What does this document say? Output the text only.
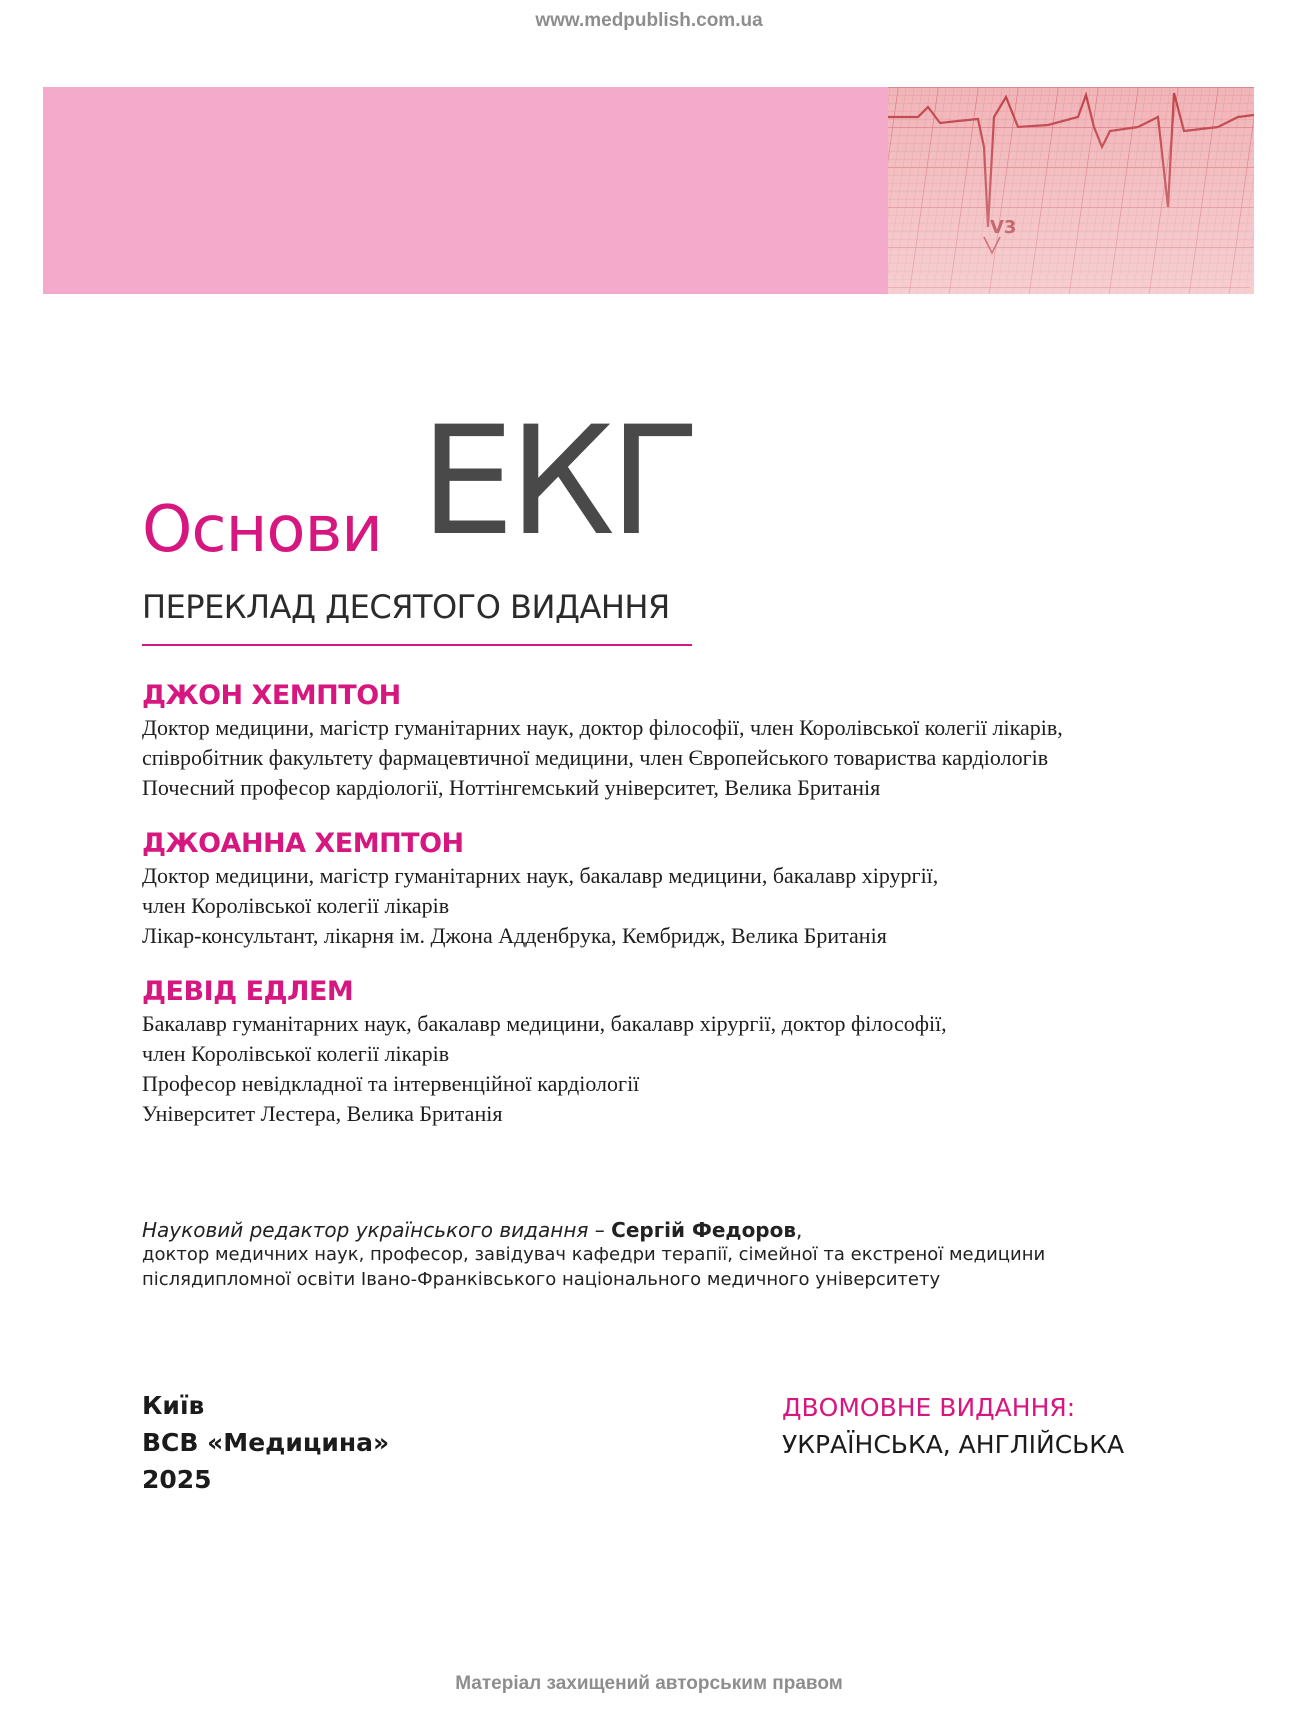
www.medpublish.com.ua
Основи ЕКГ
ПЕРЕКЛАД ДЕСЯТОГО ВИДАННЯ
ДЖОН ХЕМПТОН
Доктор медицини, магістр гуманітарних наук, доктор філософії, член Королівської колегії лікарів,
співробітник факультету фармацевтичної медицини, член Європейського товариства кардіологів
Почесний професор кардіології, Ноттінгемський університет, Велика Британія
ДЖОАННА ХЕМПТОН
Доктор медицини, магістр гуманітарних наук, бакалавр медицини, бакалавр хірургії,
член Королівської колегії лікарів
Лікар-консультант, лікарня ім. Джона Адденбрука, Кембридж, Велика Британія
ДЕВІД ЕДЛЕМ
Бакалавр гуманітарних наук, бакалавр медицини, бакалавр хірургії, доктор філософії,
член Королівської колегії лікарів
Професор невідкладної та інтервенційної кардіології
Університет Лестера, Велика Британія
Науковий редактор українського видання – Сергій Федоров,
доктор медичних наук, професор, завідувач кафедри терапії, сімейної та екстреної медицини
післядипломної освіти Івано-Франківського національного медичного університету
Київ
ВСВ «Медицина»
2025
ДВОМОВНЕ ВИДАННЯ:
УКРАЇНСЬКА, АНГЛІЙСЬКА
Матеріал захищений авторським правом
